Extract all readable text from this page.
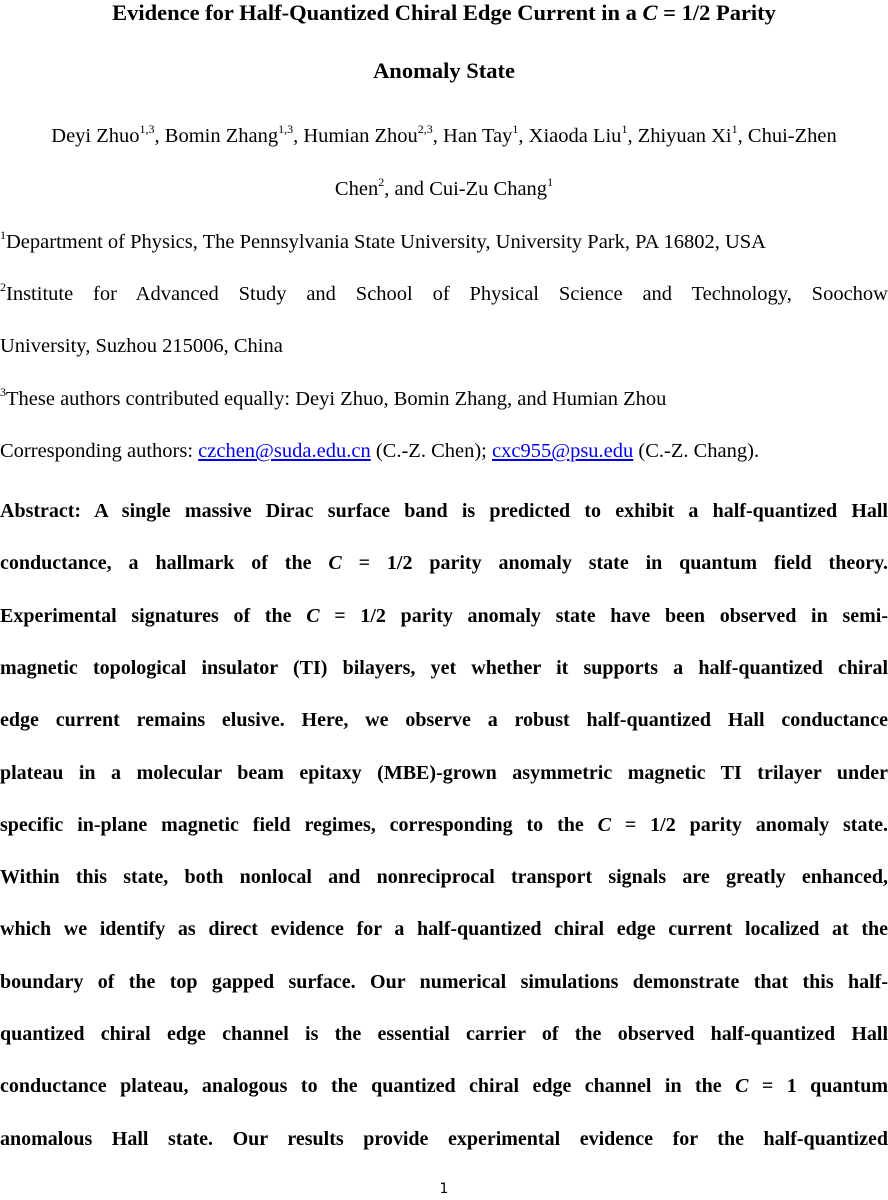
Evidence for Half-Quantized Chiral Edge Current in a C = 1/2 Parity
Anomaly State
Deyi Zhuo$^{1,3}$, Bomin Zhang$^{1,3}$, Humian Zhou$^{2,3}$, Han Tay$^1$, Xiaoda Liu$^1$, Zhiyuan Xi$^1$, Chui-Zhen
Chen$^2$, and Cui-Zu Chang$^1$
$^1$Department of Physics, The Pennsylvania State University, University Park, PA 16802, USA
$^2$Institute for Advanced Study and School of Physical Science and Technology, Soochow
University, Suzhou 215006, China
$^3$These authors contributed equally: Deyi Zhuo, Bomin Zhang, and Humian Zhou
Corresponding authors: czchen@suda.edu.cn (C.-Z. Chen); cxc955@psu.edu (C.-Z. Chang).
Abstract: A single massive Dirac surface band is predicted to exhibit a half-quantized Hall
conductance, a hallmark of the C = 1/2 parity anomaly state in quantum field theory.
Experimental signatures of the C = 1/2 parity anomaly state have been observed in semi-
magnetic topological insulator (TI) bilayers, yet whether it supports a half-quantized chiral
edge current remains elusive. Here, we observe a robust half-quantized Hall conductance
plateau in a molecular beam epitaxy (MBE)-grown asymmetric magnetic TI trilayer under
specific in-plane magnetic field regimes, corresponding to the C = 1/2 parity anomaly state.
Within this state, both nonlocal and nonreciprocal transport signals are greatly enhanced,
which we identify as direct evidence for a half-quantized chiral edge current localized at the
boundary of the top gapped surface. Our numerical simulations demonstrate that this half-
quantized chiral edge channel is the essential carrier of the observed half-quantized Hall
conductance plateau, analogous to the quantized chiral edge channel in the C = 1 quantum
anomalous Hall state. Our results provide experimental evidence for the half-quantized
1
